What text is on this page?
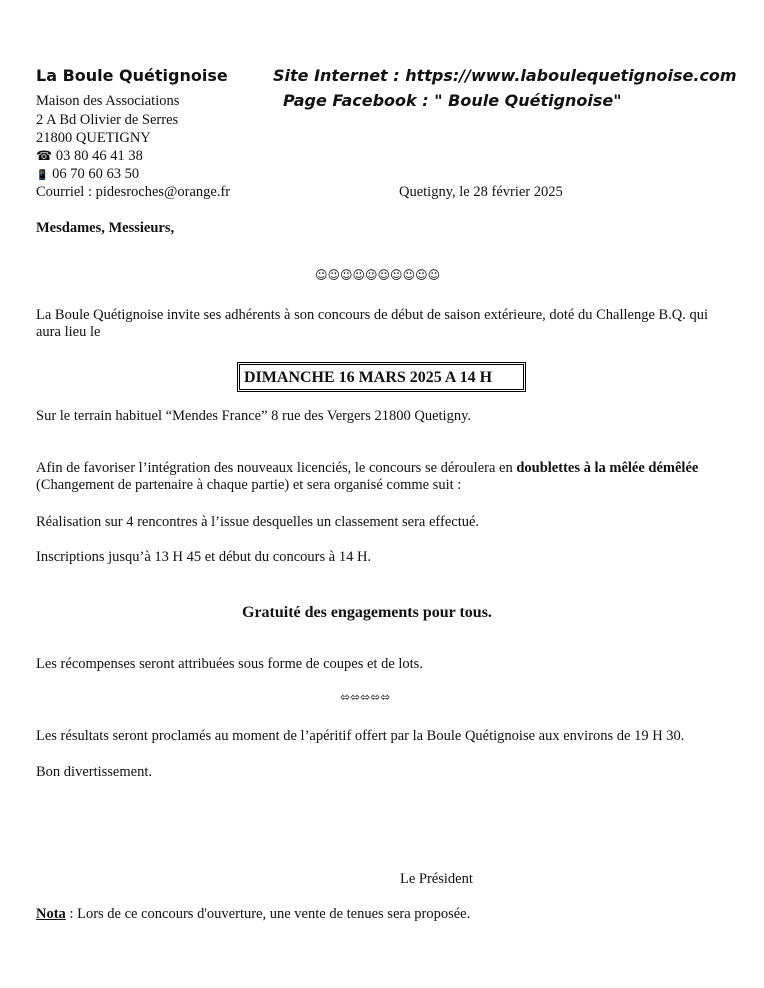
La Boule Quétignoise	Site Internet : https://www.lab​oulequetignoise.com
Page Facebook : " Boule Quétignoise"
Maison des Associations
2 A Bd Olivier de Serres
21800 QUETIGNY
☎ 03 80 46 41 38
📱 06 70 60 63 50
Courriel : pidesroches@orange.fr	Quetigny, le 28 février 2025
Mesdames, Messieurs,
☺☺☺☺☺☺☺☺☺☺
La Boule Quétignoise invite ses adhérents à son concours de début de saison extérieure, doté du Challenge B.Q. qui aura lieu le
DIMANCHE 16 MARS 2025 A 14 H
Sur le terrain habituel “Mendes France” 8 rue des Vergers 21800 Quetigny.
Afin de favoriser l’intégration des nouveaux licenciés, le concours se déroulera en doublettes à la mêlée démêlée (Changement de partenaire à chaque partie) et sera organisé comme suit :
Réalisation sur 4 rencontres à l’issue desquelles un classement sera effectué.
Inscriptions jusqu’à 13 H 45 et début du concours à 14 H.
Gratuité des engagements pour tous.
Les récompenses seront attribuées sous forme de coupes et de lots.
⬄⬄⬄⬄⬄
Les résultats seront proclamés au moment de l’apéritif offert par la Boule Quétignoise aux environs de 19 H 30.
Bon divertissement.
Le Président
Nota : Lors de ce concours d'ouverture, une vente de tenues sera proposée.
